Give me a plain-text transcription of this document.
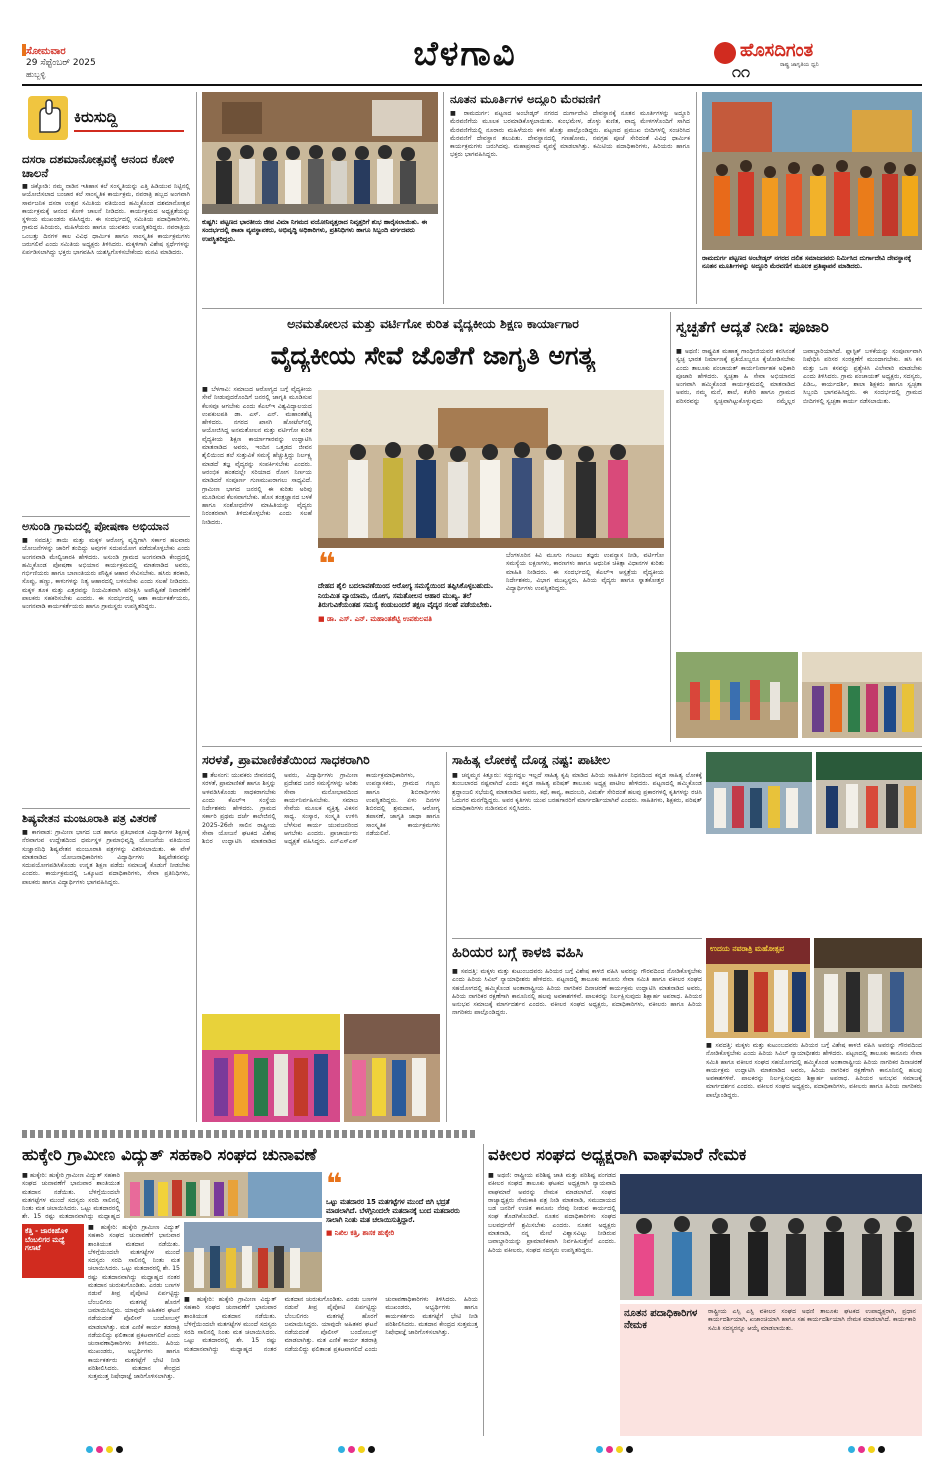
ಸೋಮವಾರ
29 ಸೆಪ್ಟೆಂಬರ್ 2025
ಹುಬ್ಬಳ್ಳಿ
ಬೆಳಗಾವಿ	ಹೊಸದಿಗಂತ
ರಾಷ್ಟ್ರ ಜಾಗೃತಿಯ ಧ್ವನಿ
೧೧
ಕಿರುಸುದ್ದಿ
ದಸರಾ ದಶಮಾನೋತ್ಸವಕ್ಕೆ ಆನಂದ ಕೋಳಿ ಚಾಲನೆ
■ ಚಿಕ್ಕೋಡಿ: ನಮ್ಮ ನಾಡಿನ ಇತಿಹಾಸ ಕಲೆ ಸಂಸ್ಕೃತಿಯನ್ನು ಎತ್ತಿ ಹಿಡಿಯುವ ನಿಟ್ಟಿನಲ್ಲಿ ಆಯೋಜಿಸಲಾದ ಬಂಜಾರ ಕಲೆ ಸಾಂಸ್ಕೃತಿಕ ಕಾರ್ಯಕ್ರಮ, ನವರಾತ್ರಿ ಹಬ್ಬದ ಅಂಗವಾಗಿ ಸಾರ್ವಜನಿಕ ದಸರಾ ಉತ್ಸವ ಸಮಿತಿಯ ವತಿಯಿಂದ ಹಮ್ಮಿಕೊಂಡ ದಶಮಾನೋತ್ಸವ ಕಾರ್ಯಕ್ರಮಕ್ಕೆ ಆನಂದ ಕೋಳಿ ಚಾಲನೆ ನೀಡಿದರು. ಕಾರ್ಯಕ್ರಮದ ಅಧ್ಯಕ್ಷತೆಯನ್ನು ಸ್ಥಳೀಯ ಮುಖಂಡರು ವಹಿಸಿದ್ದರು. ಈ ಸಂದರ್ಭದಲ್ಲಿ ಸಮಿತಿಯ ಪದಾಧಿಕಾರಿಗಳು, ಗ್ರಾಮದ ಹಿರಿಯರು, ಮಹಿಳೆಯರು ಹಾಗೂ ಯುವಕರು ಉಪಸ್ಥಿತರಿದ್ದರು. ನವರಾತ್ರಿಯ ಒಂಬತ್ತು ದಿನಗಳ ಕಾಲ ವಿವಿಧ ಧಾರ್ಮಿಕ ಹಾಗೂ ಸಾಂಸ್ಕೃತಿಕ ಕಾರ್ಯಕ್ರಮಗಳು ಜರುಗಲಿವೆ ಎಂದು ಸಮಿತಿಯ ಅಧ್ಯಕ್ಷರು ತಿಳಿಸಿದರು. ಮಕ್ಕಳಿಗಾಗಿ ವಿಶೇಷ ಸ್ಪರ್ಧೆಗಳನ್ನು ಏರ್ಪಡಿಸಲಾಗಿದ್ದು ಭಕ್ತರು ಭಾಗವಹಿಸಿ ಯಶಸ್ವಿಗೊಳಿಸಬೇಕೆಂದು ಮನವಿ ಮಾಡಿದರು.
ಅಸುಂಡಿ ಗ್ರಾಮದಲ್ಲಿ ಪೋಷಣಾ ಅಭಿಯಾನ
■ ಸವದತ್ತಿ: ತಾಯಿ ಮತ್ತು ಮಕ್ಕಳ ಆರೋಗ್ಯ ವೃದ್ಧಿಗಾಗಿ ಸರ್ಕಾರ ಹಲವಾರು ಯೋಜನೆಗಳನ್ನು ಜಾರಿಗೆ ತಂದಿದ್ದು ಅವುಗಳ ಸದುಪಯೋಗ ಪಡೆದುಕೊಳ್ಳಬೇಕು ಎಂದು ಅಂಗನವಾಡಿ ಮೇಲ್ವಿಚಾರಕಿ ಹೇಳಿದರು. ಅಸುಂಡಿ ಗ್ರಾಮದ ಅಂಗನವಾಡಿ ಕೇಂದ್ರದಲ್ಲಿ ಹಮ್ಮಿಕೊಂಡ ಪೋಷಣಾ ಅಭಿಯಾನ ಕಾರ್ಯಕ್ರಮದಲ್ಲಿ ಮಾತನಾಡಿದ ಅವರು, ಗರ್ಭಿಣಿಯರು ಹಾಗೂ ಬಾಣಂತಿಯರು ಪೌಷ್ಟಿಕ ಆಹಾರ ಸೇವಿಸಬೇಕು. ಹಸಿರು ತರಕಾರಿ, ಸೊಪ್ಪು, ಹಣ್ಣು, ಕಾಳುಗಳನ್ನು ನಿತ್ಯ ಆಹಾರದಲ್ಲಿ ಬಳಸಬೇಕು ಎಂದು ಸಲಹೆ ನೀಡಿದರು. ಮಕ್ಕಳ ತೂಕ ಮತ್ತು ಎತ್ತರವನ್ನು ನಿಯಮಿತವಾಗಿ ಪರೀಕ್ಷಿಸಿ ಅಪೌಷ್ಟಿಕತೆ ನಿವಾರಣೆಗೆ ಪಾಲಕರು ಸಹಕರಿಸಬೇಕು ಎಂದರು. ಈ ಸಂದರ್ಭದಲ್ಲಿ ಆಶಾ ಕಾರ್ಯಕರ್ತೆಯರು, ಅಂಗನವಾಡಿ ಕಾರ್ಯಕರ್ತೆಯರು ಹಾಗೂ ಗ್ರಾಮಸ್ಥರು ಉಪಸ್ಥಿತರಿದ್ದರು.
ಶಿಷ್ಯವೇತನ ಮಂಜೂರಾತಿ ಪತ್ರ ವಿತರಣೆ
■ ಕಾಗವಾಡ: ಗ್ರಾಮೀಣ ಭಾಗದ ಬಡ ಹಾಗೂ ಪ್ರತಿಭಾವಂತ ವಿದ್ಯಾರ್ಥಿಗಳ ಶಿಕ್ಷಣಕ್ಕೆ ನೆರವಾಗುವ ಉದ್ದೇಶದಿಂದ ಧರ್ಮಸ್ಥಳ ಗ್ರಾಮಾಭಿವೃದ್ಧಿ ಯೋಜನೆಯ ವತಿಯಿಂದ ಸುಜ್ಞಾನನಿಧಿ ಶಿಷ್ಯವೇತನ ಮಂಜೂರಾತಿ ಪತ್ರಗಳನ್ನು ವಿತರಿಸಲಾಯಿತು. ಈ ವೇಳೆ ಮಾತನಾಡಿದ ಯೋಜನಾಧಿಕಾರಿಗಳು ವಿದ್ಯಾರ್ಥಿಗಳು ಶಿಷ್ಯವೇತನವನ್ನು ಸದುಪಯೋಗಪಡಿಸಿಕೊಂಡು ಉನ್ನತ ಶಿಕ್ಷಣ ಪಡೆದು ಸಮಾಜಕ್ಕೆ ಕೊಡುಗೆ ನೀಡಬೇಕು ಎಂದರು. ಕಾರ್ಯಕ್ರಮದಲ್ಲಿ ಒಕ್ಕೂಟದ ಪದಾಧಿಕಾರಿಗಳು, ಸೇವಾ ಪ್ರತಿನಿಧಿಗಳು, ಪಾಲಕರು ಹಾಗೂ ವಿದ್ಯಾರ್ಥಿಗಳು ಭಾಗವಹಿಸಿದ್ದರು.
ಕುಷ್ಟಗಿ: ಪಟ್ಟಣದ ಭಾರತೀಯ ಜೀವ ವಿಮಾ ನಿಗಮದ ವಯೋನಿವೃತ್ತರಾದ ನಿವೃತ್ತರಿಗೆ ಶುಭ ಹಾರೈಸಲಾಯಿತು. ಈ ಸಂದರ್ಭದಲ್ಲಿ ಶಾಖಾ ವ್ಯವಸ್ಥಾಪಕರು, ಅಭಿವೃದ್ಧಿ ಅಧಿಕಾರಿಗಳು, ಪ್ರತಿನಿಧಿಗಳು ಹಾಗೂ ಸಿಬ್ಬಂದಿ ವರ್ಗದವರು ಉಪಸ್ಥಿತರಿದ್ದರು.
ನೂತನ ಮೂರ್ತಿಗಳ ಅದ್ದೂರಿ ಮೆರವಣಿಗೆ
■ ರಾಮದುರ್ಗ: ಪಟ್ಟಣದ ಅಂಬೇಡ್ಕರ್ ನಗರದ ದುರ್ಗಾದೇವಿ ದೇವಸ್ಥಾನಕ್ಕೆ ನೂತನ ಮೂರ್ತಿಗಳನ್ನು ಅದ್ದೂರಿ ಮೆರವಣಿಗೆಯ ಮೂಲಕ ಬರಮಾಡಿಕೊಳ್ಳಲಾಯಿತು. ಕುಂಭಮೇಳ, ಡೊಳ್ಳು ಕುಣಿತ, ವಾದ್ಯ ಮೇಳಗಳೊಂದಿಗೆ ಸಾಗಿದ ಮೆರವಣಿಗೆಯಲ್ಲಿ ನೂರಾರು ಮಹಿಳೆಯರು ಕಳಸ ಹೊತ್ತು ಪಾಲ್ಗೊಂಡಿದ್ದರು. ಪಟ್ಟಣದ ಪ್ರಮುಖ ಬೀದಿಗಳಲ್ಲಿ ಸಂಚರಿಸಿದ ಮೆರವಣಿಗೆ ದೇವಸ್ಥಾನ ತಲುಪಿತು. ದೇವಸ್ಥಾನದಲ್ಲಿ ಗಣಹೋಮ, ನವಗ್ರಹ ಪೂಜೆ ಸೇರಿದಂತೆ ವಿವಿಧ ಧಾರ್ಮಿಕ ಕಾರ್ಯಕ್ರಮಗಳು ಜರುಗಿದವು. ಮಹಾಪ್ರಸಾದ ವ್ಯವಸ್ಥೆ ಮಾಡಲಾಗಿತ್ತು. ಕಮಿಟಿಯ ಪದಾಧಿಕಾರಿಗಳು, ಹಿರಿಯರು ಹಾಗೂ ಭಕ್ತರು ಭಾಗವಹಿಸಿದ್ದರು.
ರಾಮದುರ್ಗ ಪಟ್ಟಣದ ಅಂಬೇಡ್ಕರ್ ನಗರದ ದಲಿತ ಸಮಾಜದವರು ನಿರ್ಮಿಸಿದ ದುರ್ಗಾದೇವಿ ದೇವಸ್ಥಾನಕ್ಕೆ ನೂತನ ಮೂರ್ತಿಗಳನ್ನು ಅದ್ದೂರಿ ಮೆರವಣಿಗೆ ಮೂಲಕ ಪ್ರತಿಷ್ಠಾಪನೆ ಮಾಡಿದರು.
ಅನಮತೋಲನ ಮತ್ತು ವರ್ಟಿಗೋ ಕುರಿತ ವೈದ್ಯಕೀಯ ಶಿಕ್ಷಣ ಕಾರ್ಯಾಗಾರ
ವೈದ್ಯಕೀಯ ಸೇವೆ ಜೊತೆಗೆ ಜಾಗೃತಿ ಅಗತ್ಯ
■ ಬೆಳಗಾವಿ: ಸಮಾಜದ ಆರೋಗ್ಯದ ಬಗ್ಗೆ ವೈದ್ಯಕೀಯ ಸೇವೆ ನೀಡುವುದರೊಂದಿಗೆ ಜನರಲ್ಲಿ ಜಾಗೃತಿ ಮೂಡಿಸುವ ಕೆಲಸವೂ ಆಗಬೇಕು ಎಂದು ಕೆಎಲ್ಇ ವಿಶ್ವವಿದ್ಯಾಲಯದ ಉಪಕುಲಪತಿ ಡಾ. ಎಸ್. ಎನ್. ಮಹಾಂತಶೆಟ್ಟಿ ಹೇಳಿದರು. ನಗರದ ಖಾಸಗಿ ಹೋಟೆಲ್‌ನಲ್ಲಿ ಆಯೋಜಿಸಿದ್ದ ಅನಮತೋಲನ ಮತ್ತು ವರ್ಟಿಗೋ ಕುರಿತ ವೈದ್ಯಕೀಯ ಶಿಕ್ಷಣ ಕಾರ್ಯಾಗಾರವನ್ನು ಉದ್ಘಾಟಿಸಿ ಮಾತನಾಡಿದ ಅವರು, ಇಂದಿನ ಒತ್ತಡದ ಜೀವನ ಶೈಲಿಯಿಂದ ತಲೆ ಸುತ್ತುವಿಕೆ ಸಮಸ್ಯೆ ಹೆಚ್ಚುತ್ತಿದ್ದು ನಿರ್ಲಕ್ಷ್ಯ ಮಾಡದೆ ತಜ್ಞ ವೈದ್ಯರನ್ನು ಸಂಪರ್ಕಿಸಬೇಕು ಎಂದರು. ಆರಂಭಿಕ ಹಂತದಲ್ಲೇ ಸರಿಯಾದ ರೋಗ ನಿರ್ಣಯ ಮಾಡಿದರೆ ಸಂಪೂರ್ಣ ಗುಣಮುಖರಾಗಲು ಸಾಧ್ಯವಿದೆ. ಗ್ರಾಮೀಣ ಭಾಗದ ಜನರಲ್ಲಿ ಈ ಕುರಿತು ಅರಿವು ಮೂಡಿಸುವ ಕೆಲಸವಾಗಬೇಕು. ಹೊಸ ತಂತ್ರಜ್ಞಾನದ ಬಳಕೆ ಹಾಗೂ ಸಂಶೋಧನೆಗಳ ಮಾಹಿತಿಯನ್ನು ವೈದ್ಯರು ನಿರಂತರವಾಗಿ ತಿಳಿದುಕೊಳ್ಳಬೇಕು ಎಂದು ಸಲಹೆ ನೀಡಿದರು.
❝
ದೇಹದ ಶೈಲಿ ಬದಲಾವಣೆಯಿಂದ ಆರೋಗ್ಯ ಸಮಸ್ಯೆಯಿಂದ ತಪ್ಪಿಸಿಕೊಳ್ಳಬಹುದು. ನಿಯಮಿತ ವ್ಯಾಯಾಮ, ಯೋಗ, ಸಮತೋಲನ ಆಹಾರ ಮುಖ್ಯ. ತಲೆ ತಿರುಗುವಿಕೆಯಂತಹ ಸಮಸ್ಯೆ ಕಂಡುಬಂದರೆ ತಕ್ಷಣ ವೈದ್ಯರ ಸಲಹೆ ಪಡೆಯಬೇಕು.
■ ಡಾ. ಎಸ್. ಎನ್. ಮಹಾಂತಶೆಟ್ಟಿ ಉಪಕುಲಪತಿ
ಬೆಂಗಳೂರಿನ ಕಿವಿ ಮೂಗು ಗಂಟಲು ತಜ್ಞರು ಉಪನ್ಯಾಸ ನೀಡಿ, ವರ್ಟಿಗೋ ಸಮಸ್ಯೆಯ ಲಕ್ಷಣಗಳು, ಕಾರಣಗಳು ಹಾಗೂ ಆಧುನಿಕ ಚಿಕಿತ್ಸಾ ವಿಧಾನಗಳ ಕುರಿತು ಮಾಹಿತಿ ನೀಡಿದರು. ಈ ಸಂದರ್ಭದಲ್ಲಿ ಕೆಎಲ್ಇ ಆಸ್ಪತ್ರೆಯ ವೈದ್ಯಕೀಯ ನಿರ್ದೇಶಕರು, ವಿಭಾಗ ಮುಖ್ಯಸ್ಥರು, ಹಿರಿಯ ವೈದ್ಯರು ಹಾಗೂ ಸ್ನಾತಕೋತ್ತರ ವಿದ್ಯಾರ್ಥಿಗಳು ಉಪಸ್ಥಿತರಿದ್ದರು.
ಸ್ವಚ್ಛತೆಗೆ ಆದ್ಯತೆ ನೀಡಿ: ಪೂಜಾರಿ
■ ಅಥಣಿ: ರಾಷ್ಟ್ರಪಿತ ಮಹಾತ್ಮ ಗಾಂಧೀಜಿಯವರ ಕನಸಿನಂತೆ ಸ್ವಚ್ಛ ಭಾರತ ನಿರ್ಮಾಣಕ್ಕೆ ಪ್ರತಿಯೊಬ್ಬರೂ ಕೈಜೋಡಿಸಬೇಕು ಎಂದು ತಾಲೂಕು ಪಂಚಾಯತ್ ಕಾರ್ಯನಿರ್ವಾಹಕ ಅಧಿಕಾರಿ ಪೂಜಾರಿ ಹೇಳಿದರು. ಸ್ವಚ್ಛತಾ ಹಿ ಸೇವಾ ಅಭಿಯಾನದ ಅಂಗವಾಗಿ ಹಮ್ಮಿಕೊಂಡ ಕಾರ್ಯಕ್ರಮದಲ್ಲಿ ಮಾತನಾಡಿದ ಅವರು, ನಮ್ಮ ಮನೆ, ಶಾಲೆ, ಕಚೇರಿ ಹಾಗೂ ಗ್ರಾಮದ ಪರಿಸರವನ್ನು ಸ್ವಚ್ಛವಾಗಿಟ್ಟುಕೊಳ್ಳುವುದು ನಮ್ಮೆಲ್ಲರ ಜವಾಬ್ದಾರಿಯಾಗಿದೆ. ಪ್ಲಾಸ್ಟಿಕ್ ಬಳಕೆಯನ್ನು ಸಂಪೂರ್ಣವಾಗಿ ನಿಷೇಧಿಸಿ ಪರಿಸರ ಸಂರಕ್ಷಣೆಗೆ ಮುಂದಾಗಬೇಕು. ಹಸಿ ಕಸ ಮತ್ತು ಒಣ ಕಸವನ್ನು ಪ್ರತ್ಯೇಕಿಸಿ ವಿಲೇವಾರಿ ಮಾಡಬೇಕು ಎಂದು ತಿಳಿಸಿದರು. ಗ್ರಾಮ ಪಂಚಾಯತ್ ಅಧ್ಯಕ್ಷರು, ಸದಸ್ಯರು, ಪಿಡಿಒ, ಕಾರ್ಯದರ್ಶಿ, ಶಾಲಾ ಶಿಕ್ಷಕರು ಹಾಗೂ ಸ್ವಚ್ಛತಾ ಸಿಬ್ಬಂದಿ ಭಾಗವಹಿಸಿದ್ದರು. ಈ ಸಂದರ್ಭದಲ್ಲಿ ಗ್ರಾಮದ ಬೀದಿಗಳಲ್ಲಿ ಸ್ವಚ್ಛತಾ ಕಾರ್ಯ ನಡೆಸಲಾಯಿತು.
ಸರಳತೆ, ಪ್ರಾಮಾಣಿಕತೆಯಿಂದ ಸಾಧಕರಾಗಿರಿ
■ ತೆಲಸಂಗ: ಯುವಕರು ಜೀವನದಲ್ಲಿ ಸರಳತೆ, ಪ್ರಾಮಾಣಿಕತೆ ಹಾಗೂ ಶಿಸ್ತನ್ನು ಅಳವಡಿಸಿಕೊಂಡು ಸಾಧಕರಾಗಬೇಕು ಎಂದು ಕೆಎಲ್ಇ ಸಂಸ್ಥೆಯ ನಿರ್ದೇಶಕರು ಹೇಳಿದರು. ಗ್ರಾಮದ ಸರ್ಕಾರಿ ಪ್ರಥಮ ದರ್ಜೆ ಕಾಲೇಜಿನಲ್ಲಿ 2025-26ನೇ ಸಾಲಿನ ರಾಷ್ಟ್ರೀಯ ಸೇವಾ ಯೋಜನೆ ಘಟಕದ ವಿಶೇಷ ಶಿಬಿರ ಉದ್ಘಾಟಿಸಿ ಮಾತನಾಡಿದ ಅವರು, ವಿದ್ಯಾರ್ಥಿಗಳು ಗ್ರಾಮೀಣ ಪ್ರದೇಶದ ಜನರ ಸಮಸ್ಯೆಗಳನ್ನು ಅರಿತು ಸೇವಾ ಮನೋಭಾವದಿಂದ ಕಾರ್ಯನಿರ್ವಹಿಸಬೇಕು. ಸಮಾಜ ಸೇವೆಯ ಮೂಲಕ ವ್ಯಕ್ತಿತ್ವ ವಿಕಸನ ಸಾಧ್ಯ. ಸಂಸ್ಕಾರ, ಸಂಸ್ಕೃತಿ ಉಳಿಸಿ ಬೆಳೆಸುವ ಕಾರ್ಯ ಯುವಜನರಿಂದ ಆಗಬೇಕು ಎಂದರು. ಪ್ರಾಚಾರ್ಯರು ಅಧ್ಯಕ್ಷತೆ ವಹಿಸಿದ್ದರು. ಎನ್ಎಸ್ಎಸ್ ಕಾರ್ಯಕ್ರಮಾಧಿಕಾರಿಗಳು, ಉಪನ್ಯಾಸಕರು, ಗ್ರಾಮದ ಗಣ್ಯರು ಹಾಗೂ ಶಿಬಿರಾರ್ಥಿಗಳು ಉಪಸ್ಥಿತರಿದ್ದರು. ಏಳು ದಿನಗಳ ಶಿಬಿರದಲ್ಲಿ ಶ್ರಮದಾನ, ಆರೋಗ್ಯ ತಪಾಸಣೆ, ಜಾಗೃತಿ ಜಾಥಾ ಹಾಗೂ ಸಾಂಸ್ಕೃತಿಕ ಕಾರ್ಯಕ್ರಮಗಳು ನಡೆಯಲಿವೆ.
ಸಾಹಿತ್ಯ ಲೋಕಕ್ಕೆ ದೊಡ್ಡ ನಷ್ಟ: ಪಾಟೀಲ
■ ಚನ್ನಮ್ಮನ ಕಿತ್ತೂರು: ಸದ್ದುಗದ್ದಲ ಇಲ್ಲದೆ ಸಾಹಿತ್ಯ ಕೃಷಿ ಮಾಡಿದ ಹಿರಿಯ ಸಾಹಿತಿಗಳ ನಿಧನದಿಂದ ಕನ್ನಡ ಸಾಹಿತ್ಯ ಲೋಕಕ್ಕೆ ತುಂಬಲಾರದ ನಷ್ಟವಾಗಿದೆ ಎಂದು ಕನ್ನಡ ಸಾಹಿತ್ಯ ಪರಿಷತ್ ತಾಲೂಕು ಅಧ್ಯಕ್ಷ ಪಾಟೀಲ ಹೇಳಿದರು. ಪಟ್ಟಣದಲ್ಲಿ ಹಮ್ಮಿಕೊಂಡ ಶ್ರದ್ಧಾಂಜಲಿ ಸಭೆಯಲ್ಲಿ ಮಾತನಾಡಿದ ಅವರು, ಕಥೆ, ಕಾವ್ಯ, ಕಾದಂಬರಿ, ವಿಮರ್ಶೆ ಸೇರಿದಂತೆ ಹಲವು ಪ್ರಕಾರಗಳಲ್ಲಿ ಕೃತಿಗಳನ್ನು ರಚಿಸಿ ಓದುಗರ ಮನಗೆದ್ದಿದ್ದರು. ಅವರ ಕೃತಿಗಳು ಯುವ ಬರಹಗಾರರಿಗೆ ಮಾರ್ಗದರ್ಶಿಯಾಗಿವೆ ಎಂದರು. ಸಾಹಿತಿಗಳು, ಶಿಕ್ಷಕರು, ಪರಿಷತ್ ಪದಾಧಿಕಾರಿಗಳು ನುಡಿನಮನ ಸಲ್ಲಿಸಿದರು.
ಹಿರಿಯರ ಬಗ್ಗೆ ಕಾಳಜಿ ವಹಿಸಿ
■ ಸವದತ್ತಿ: ಮಕ್ಕಳು ಮತ್ತು ಕುಟುಂಬದವರು ಹಿರಿಯರ ಬಗ್ಗೆ ವಿಶೇಷ ಕಾಳಜಿ ವಹಿಸಿ ಅವರನ್ನು ಗೌರವದಿಂದ ನೋಡಿಕೊಳ್ಳಬೇಕು ಎಂದು ಹಿರಿಯ ಸಿವಿಲ್ ನ್ಯಾಯಾಧೀಶರು ಹೇಳಿದರು. ಪಟ್ಟಣದಲ್ಲಿ ತಾಲೂಕು ಕಾನೂನು ಸೇವಾ ಸಮಿತಿ ಹಾಗೂ ವಕೀಲರ ಸಂಘದ ಸಹಯೋಗದಲ್ಲಿ ಹಮ್ಮಿಕೊಂಡ ಅಂತಾರಾಷ್ಟ್ರೀಯ ಹಿರಿಯ ನಾಗರಿಕರ ದಿನಾಚರಣೆ ಕಾರ್ಯಕ್ರಮ ಉದ್ಘಾಟಿಸಿ ಮಾತನಾಡಿದ ಅವರು, ಹಿರಿಯ ನಾಗರಿಕರ ರಕ್ಷಣೆಗಾಗಿ ಕಾನೂನಿನಲ್ಲಿ ಹಲವು ಅವಕಾಶಗಳಿವೆ. ಪಾಲಕರನ್ನು ನಿರ್ಲಕ್ಷಿಸುವುದು ಶಿಕ್ಷಾರ್ಹ ಅಪರಾಧ. ಹಿರಿಯರ ಅನುಭವ ಸಮಾಜಕ್ಕೆ ಮಾರ್ಗದರ್ಶನ ಎಂದರು. ವಕೀಲರ ಸಂಘದ ಅಧ್ಯಕ್ಷರು, ಪದಾಧಿಕಾರಿಗಳು, ವಕೀಲರು ಹಾಗೂ ಹಿರಿಯ ನಾಗರಿಕರು ಪಾಲ್ಗೊಂಡಿದ್ದರು.
ಉದಯ ನವರಾತ್ರಿ ಮಹೋತ್ಸವ
■ ಸವದತ್ತಿ: ಮಕ್ಕಳು ಮತ್ತು ಕುಟುಂಬದವರು ಹಿರಿಯರ ಬಗ್ಗೆ ವಿಶೇಷ ಕಾಳಜಿ ವಹಿಸಿ ಅವರನ್ನು ಗೌರವದಿಂದ ನೋಡಿಕೊಳ್ಳಬೇಕು ಎಂದು ಹಿರಿಯ ಸಿವಿಲ್ ನ್ಯಾಯಾಧೀಶರು ಹೇಳಿದರು. ಪಟ್ಟಣದಲ್ಲಿ ತಾಲೂಕು ಕಾನೂನು ಸೇವಾ ಸಮಿತಿ ಹಾಗೂ ವಕೀಲರ ಸಂಘದ ಸಹಯೋಗದಲ್ಲಿ ಹಮ್ಮಿಕೊಂಡ ಅಂತಾರಾಷ್ಟ್ರೀಯ ಹಿರಿಯ ನಾಗರಿಕರ ದಿನಾಚರಣೆ ಕಾರ್ಯಕ್ರಮ ಉದ್ಘಾಟಿಸಿ ಮಾತನಾಡಿದ ಅವರು, ಹಿರಿಯ ನಾಗರಿಕರ ರಕ್ಷಣೆಗಾಗಿ ಕಾನೂನಿನಲ್ಲಿ ಹಲವು ಅವಕಾಶಗಳಿವೆ. ಪಾಲಕರನ್ನು ನಿರ್ಲಕ್ಷಿಸುವುದು ಶಿಕ್ಷಾರ್ಹ ಅಪರಾಧ. ಹಿರಿಯರ ಅನುಭವ ಸಮಾಜಕ್ಕೆ ಮಾರ್ಗದರ್ಶನ ಎಂದರು. ವಕೀಲರ ಸಂಘದ ಅಧ್ಯಕ್ಷರು, ಪದಾಧಿಕಾರಿಗಳು, ವಕೀಲರು ಹಾಗೂ ಹಿರಿಯ ನಾಗರಿಕರು ಪಾಲ್ಗೊಂಡಿದ್ದರು.
ಹುಕ್ಕೇರಿ ಗ್ರಾಮೀಣ ವಿದ್ಯುತ್ ಸಹಕಾರಿ ಸಂಘದ ಚುನಾವಣೆ
■ ಹುಕ್ಕೇರಿ: ಹುಕ್ಕೇರಿ ಗ್ರಾಮೀಣ ವಿದ್ಯುತ್ ಸಹಕಾರಿ ಸಂಘದ ಚುನಾವಣೆಗೆ ಭಾನುವಾರ ಶಾಂತಿಯುತ ಮತದಾನ ನಡೆಯಿತು. ಬೆಳಿಗ್ಗೆಯಿಂದಲೇ ಮತಗಟ್ಟೆಗಳ ಮುಂದೆ ಸದಸ್ಯರು ಸರದಿ ಸಾಲಿನಲ್ಲಿ ನಿಂತು ಮತ ಚಲಾಯಿಸಿದರು. ಒಟ್ಟು ಮತದಾರರಲ್ಲಿ ಶೇ. 15 ರಷ್ಟು ಮತದಾನವಾಗಿದ್ದು ಮಧ್ಯಾಹ್ನದ
ಕೆತ್ತಿ - ಜಾರಕಿಹೊಳಿ ಬೆಂಬಲಿಗರ ಮಧ್ಯೆ ಗಲಾಟೆ
■ ಹುಕ್ಕೇರಿ: ಹುಕ್ಕೇರಿ ಗ್ರಾಮೀಣ ವಿದ್ಯುತ್ ಸಹಕಾರಿ ಸಂಘದ ಚುನಾವಣೆಗೆ ಭಾನುವಾರ ಶಾಂತಿಯುತ ಮತದಾನ ನಡೆಯಿತು. ಬೆಳಿಗ್ಗೆಯಿಂದಲೇ ಮತಗಟ್ಟೆಗಳ ಮುಂದೆ ಸದಸ್ಯರು ಸರದಿ ಸಾಲಿನಲ್ಲಿ ನಿಂತು ಮತ ಚಲಾಯಿಸಿದರು. ಒಟ್ಟು ಮತದಾರರಲ್ಲಿ ಶೇ. 15 ರಷ್ಟು ಮತದಾನವಾಗಿದ್ದು ಮಧ್ಯಾಹ್ನದ ನಂತರ ಮತದಾನ ಚುರುಕುಗೊಂಡಿತು. ಎರಡು ಬಣಗಳ ನಡುವೆ ತೀವ್ರ ಪೈಪೋಟಿ ಏರ್ಪಟ್ಟಿದ್ದು ಬೆಂಬಲಿಗರು ಮತಗಟ್ಟೆ ಹೊರಗೆ ಜಮಾಯಿಸಿದ್ದರು. ಯಾವುದೇ ಅಹಿತಕರ ಘಟನೆ ನಡೆಯದಂತೆ ಪೊಲೀಸ್ ಬಂದೋಬಸ್ತ್ ಮಾಡಲಾಗಿತ್ತು. ಮತ ಎಣಿಕೆ ಕಾರ್ಯ ತಡರಾತ್ರಿ ನಡೆಯಲಿದ್ದು ಫಲಿತಾಂಶ ಪ್ರಕಟವಾಗಲಿದೆ ಎಂದು ಚುನಾವಣಾಧಿಕಾರಿಗಳು ತಿಳಿಸಿದರು. ಹಿರಿಯ ಮುಖಂಡರು, ಅಭ್ಯರ್ಥಿಗಳು ಹಾಗೂ ಕಾರ್ಯಕರ್ತರು ಮತಗಟ್ಟೆಗೆ ಭೇಟಿ ನೀಡಿ ಪರಿಶೀಲಿಸಿದರು. ಮತದಾನ ಕೇಂದ್ರದ ಸುತ್ತಮುತ್ತ ನಿಷೇಧಾಜ್ಞೆ ಜಾರಿಗೊಳಿಸಲಾಗಿತ್ತು.
❝
ಒಟ್ಟು ಮತದಾರರ 15 ಮತಗಟ್ಟೆಗಳ ಮುಂದೆ ಬಿಗಿ ಭದ್ರತೆ ಮಾಡಲಾಗಿದೆ. ಬೆಳಗ್ಗಿನಿಂದಲೇ ಮತದಾನಕ್ಕೆ ಬಂದ ಮತದಾರರು ಸಾಲಾಗಿ ನಿಂತು ಮತ ಚಲಾಯಿಸುತ್ತಿದ್ದಾರೆ.
■ ನಿಖಿಲ ಕತ್ತಿ, ಶಾಸಕ ಹುಕ್ಕೇರಿ
■ ಹುಕ್ಕೇರಿ: ಹುಕ್ಕೇರಿ ಗ್ರಾಮೀಣ ವಿದ್ಯುತ್ ಸಹಕಾರಿ ಸಂಘದ ಚುನಾವಣೆಗೆ ಭಾನುವಾರ ಶಾಂತಿಯುತ ಮತದಾನ ನಡೆಯಿತು. ಬೆಳಿಗ್ಗೆಯಿಂದಲೇ ಮತಗಟ್ಟೆಗಳ ಮುಂದೆ ಸದಸ್ಯರು ಸರದಿ ಸಾಲಿನಲ್ಲಿ ನಿಂತು ಮತ ಚಲಾಯಿಸಿದರು. ಒಟ್ಟು ಮತದಾರರಲ್ಲಿ ಶೇ. 15 ರಷ್ಟು ಮತದಾನವಾಗಿದ್ದು ಮಧ್ಯಾಹ್ನದ ನಂತರ ಮತದಾನ ಚುರುಕುಗೊಂಡಿತು. ಎರಡು ಬಣಗಳ ನಡುವೆ ತೀವ್ರ ಪೈಪೋಟಿ ಏರ್ಪಟ್ಟಿದ್ದು ಬೆಂಬಲಿಗರು ಮತಗಟ್ಟೆ ಹೊರಗೆ ಜಮಾಯಿಸಿದ್ದರು. ಯಾವುದೇ ಅಹಿತಕರ ಘಟನೆ ನಡೆಯದಂತೆ ಪೊಲೀಸ್ ಬಂದೋಬಸ್ತ್ ಮಾಡಲಾಗಿತ್ತು. ಮತ ಎಣಿಕೆ ಕಾರ್ಯ ತಡರಾತ್ರಿ ನಡೆಯಲಿದ್ದು ಫಲಿತಾಂಶ ಪ್ರಕಟವಾಗಲಿದೆ ಎಂದು ಚುನಾವಣಾಧಿಕಾರಿಗಳು ತಿಳಿಸಿದರು. ಹಿರಿಯ ಮುಖಂಡರು, ಅಭ್ಯರ್ಥಿಗಳು ಹಾಗೂ ಕಾರ್ಯಕರ್ತರು ಮತಗಟ್ಟೆಗೆ ಭೇಟಿ ನೀಡಿ ಪರಿಶೀಲಿಸಿದರು. ಮತದಾನ ಕೇಂದ್ರದ ಸುತ್ತಮುತ್ತ ನಿಷೇಧಾಜ್ಞೆ ಜಾರಿಗೊಳಿಸಲಾಗಿತ್ತು.
ವಕೀಲರ ಸಂಘದ ಅಧ್ಯಕ್ಷರಾಗಿ ವಾಘಮಾರೆ ನೇಮಕ
■ ಅಥಣಿ: ರಾಷ್ಟ್ರೀಯ ಪರಿಶಿಷ್ಟ ಜಾತಿ ಮತ್ತು ಪರಿಶಿಷ್ಟ ಪಂಗಡದ ವಕೀಲರ ಸಂಘದ ತಾಲೂಕು ಘಟಕದ ಅಧ್ಯಕ್ಷರಾಗಿ ನ್ಯಾಯವಾದಿ ವಾಘಮಾರೆ ಅವರನ್ನು ನೇಮಕ ಮಾಡಲಾಗಿದೆ. ಸಂಘದ ರಾಜ್ಯಾಧ್ಯಕ್ಷರು ನೇಮಕಾತಿ ಪತ್ರ ನೀಡಿ ಮಾತನಾಡಿ, ಸಮುದಾಯದ ಬಡ ಜನರಿಗೆ ಉಚಿತ ಕಾನೂನು ನೆರವು ನೀಡುವ ಕಾರ್ಯದಲ್ಲಿ ಸಂಘ ತೊಡಗಿಕೊಂಡಿದೆ. ನೂತನ ಪದಾಧಿಕಾರಿಗಳು ಸಂಘದ ಬಲವರ್ಧನೆಗೆ ಶ್ರಮಿಸಬೇಕು ಎಂದರು. ನೂತನ ಅಧ್ಯಕ್ಷರು ಮಾತನಾಡಿ, ನನ್ನ ಮೇಲೆ ವಿಶ್ವಾಸವಿಟ್ಟು ನೀಡಿರುವ ಜವಾಬ್ದಾರಿಯನ್ನು ಪ್ರಾಮಾಣಿಕವಾಗಿ ನಿರ್ವಹಿಸುತ್ತೇನೆ ಎಂದರು. ಹಿರಿಯ ವಕೀಲರು, ಸಂಘದ ಸದಸ್ಯರು ಉಪಸ್ಥಿತರಿದ್ದರು.
ನೂತನ ಪದಾಧಿಕಾರಿಗಳ ನೇಮಕ
ರಾಷ್ಟ್ರೀಯ ಎಸ್ಸಿ ಎಸ್ಟಿ ವಕೀಲರ ಸಂಘದ ಅಥಣಿ ತಾಲೂಕು ಘಟಕದ ಉಪಾಧ್ಯಕ್ಷರಾಗಿ, ಪ್ರಧಾನ ಕಾರ್ಯದರ್ಶಿಯಾಗಿ, ಖಜಾಂಚಿಯಾಗಿ ಹಾಗೂ ಸಹ ಕಾರ್ಯದರ್ಶಿಯಾಗಿ ನೇಮಕ ಮಾಡಲಾಗಿದೆ. ಕಾರ್ಯಕಾರಿ ಸಮಿತಿ ಸದಸ್ಯರನ್ನೂ ಆಯ್ಕೆ ಮಾಡಲಾಯಿತು.
